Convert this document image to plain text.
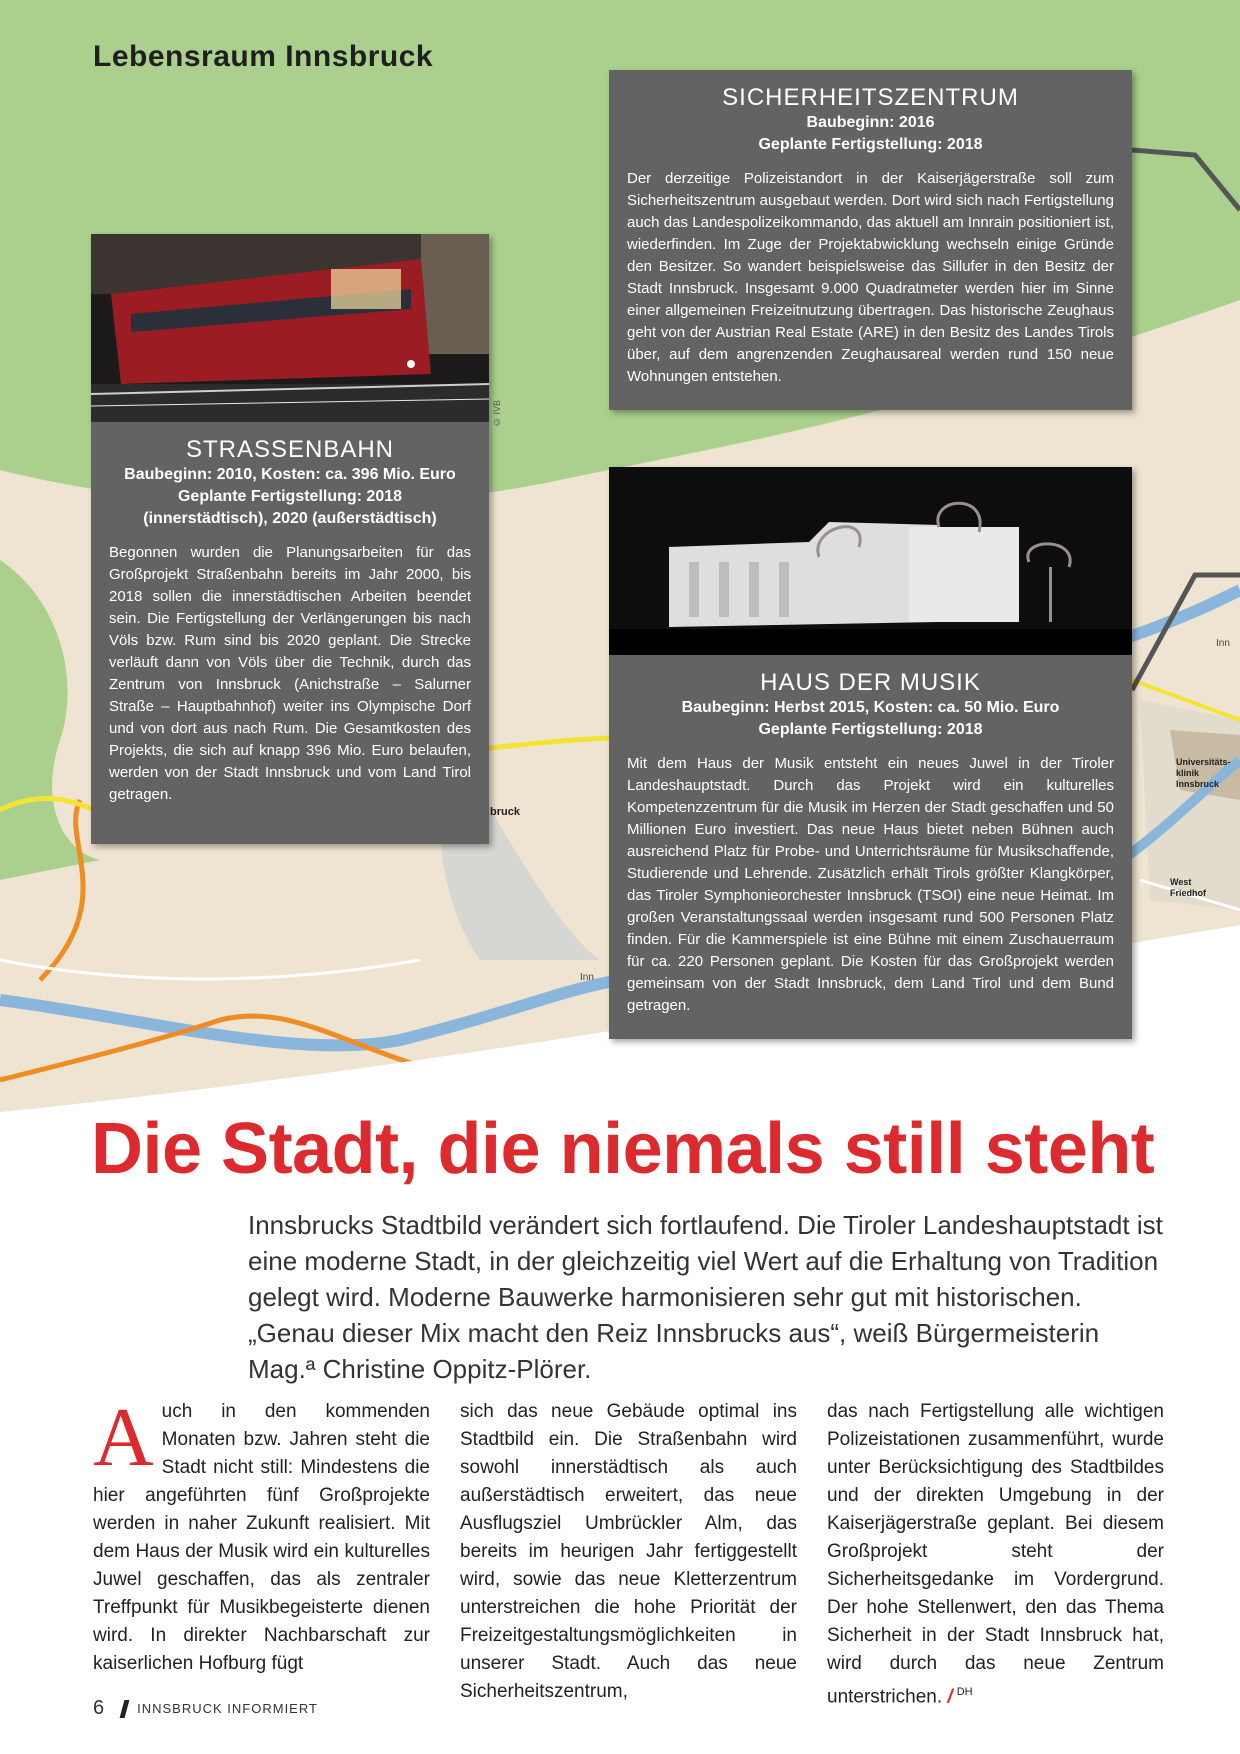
Inn
Inn
bruck
Universitäts-klinik Innsbruck
West Friedhof
Lebensraum Innsbruck
SICHERHEITSZENTRUM
Baubeginn: 2016
Geplante Fertigstellung: 2018

Der derzeitige Polizeistandort in der Kaiserjägerstraße soll zum Sicherheitszentrum ausgebaut werden. Dort wird sich nach Fertigstellung auch das Landespolizeikommando, das aktuell am Innrain positioniert ist, wiederfinden. Im Zuge der Projektabwicklung wechseln einige Gründe den Besitzer. So wandert beispielsweise das Sillufer in den Besitz der Stadt Innsbruck. Insgesamt 9.000 Quadratmeter werden hier im Sinne einer allgemeinen Freizeitnutzung übertragen. Das historische Zeughaus geht von der Austrian Real Estate (ARE) in den Besitz des Landes Tirols über, auf dem angrenzenden Zeughausareal werden rund 150 neue Wohnungen entstehen.

STRASSENBAHN
Baubeginn: 2010, Kosten: ca. 396 Mio. Euro
Geplante Fertigstellung: 2018 (innerstädtisch), 2020 (außerstädtisch)

Begonnen wurden die Planungsarbeiten für das Großprojekt Straßenbahn bereits im Jahr 2000, bis 2018 sollen die innerstädtischen Arbeiten beendet sein. Die Fertigstellung der Verlängerungen bis nach Völs bzw. Rum sind bis 2020 geplant. Die Strecke verläuft dann von Völs über die Technik, durch das Zentrum von Innsbruck (Anichstraße – Salurner Straße – Hauptbahnhof) weiter ins Olympische Dorf und von dort aus nach Rum. Die Gesamtkosten des Projekts, die sich auf knapp 396 Mio. Euro belaufen, werden von der Stadt Innsbruck und vom Land Tirol getragen.

© IVB
HAUS DER MUSIK
Baubeginn: Herbst 2015, Kosten: ca. 50 Mio. Euro
Geplante Fertigstellung: 2018

Mit dem Haus der Musik entsteht ein neues Juwel in der Tiroler Landeshauptstadt. Durch das Projekt wird ein kulturelles Kompetenzzentrum für die Musik im Herzen der Stadt geschaffen und 50 Millionen Euro investiert. Das neue Haus bietet neben Bühnen auch ausreichend Platz für Probe- und Unterrichtsräume für Musikschaffende, Studierende und Lehrende. Zusätzlich erhält Tirols größter Klangkörper, das Tiroler Symphonieorchester Innsbruck (TSOI) eine neue Heimat. Im großen Veranstaltungssaal werden insgesamt rund 500 Personen Platz finden. Für die Kammerspiele ist eine Bühne mit einem Zuschauerraum für ca. 220 Personen geplant. Die Kosten für das Großprojekt werden gemeinsam von der Stadt Innsbruck, dem Land Tirol und dem Bund getragen.

Die Stadt, die niemals still steht

Innsbrucks Stadtbild verändert sich fortlaufend. Die Tiroler Landeshauptstadt ist eine moderne Stadt, in der gleichzeitig viel Wert auf die Erhaltung von Tradition gelegt wird. Moderne Bauwerke harmonisieren sehr gut mit historischen. „Genau dieser Mix macht den Reiz Innsbrucks aus“, weiß Bürgermeisterin Mag.ª Christine Oppitz-Plörer.

Auch in den kommenden Monaten bzw. Jahren steht die Stadt nicht still: Mindestens die hier angeführten fünf Großprojekte werden in naher Zukunft realisiert. Mit dem Haus der Musik wird ein kulturelles Juwel geschaffen, das als zentraler Treffpunkt für Musikbegeisterte dienen wird. In direkter Nachbarschaft zur kaiserlichen Hofburg fügt

sich das neue Gebäude optimal ins Stadtbild ein. Die Straßenbahn wird sowohl innerstädtisch als auch außerstädtisch erweitert, das neue Ausflugsziel Umbrückler Alm, das bereits im heurigen Jahr fertiggestellt wird, sowie das neue Kletterzentrum unterstreichen die hohe Priorität der Freizeitgestaltungsmöglichkeiten in unserer Stadt. Auch das neue Sicherheitszentrum,

das nach Fertigstellung alle wichtigen Polizeistationen zusammenführt, wurde unter Berücksichtigung des Stadtbildes und der direkten Umgebung in der Kaiserjägerstraße geplant. Bei diesem Großprojekt steht der Sicherheitsgedanke im Vordergrund. Der hohe Stellenwert, den das Thema Sicherheit in der Stadt Innsbruck hat, wird durch das neue Zentrum unterstrichen. / $^{DH}$

6	INNSBRUCK INFORMIERT
